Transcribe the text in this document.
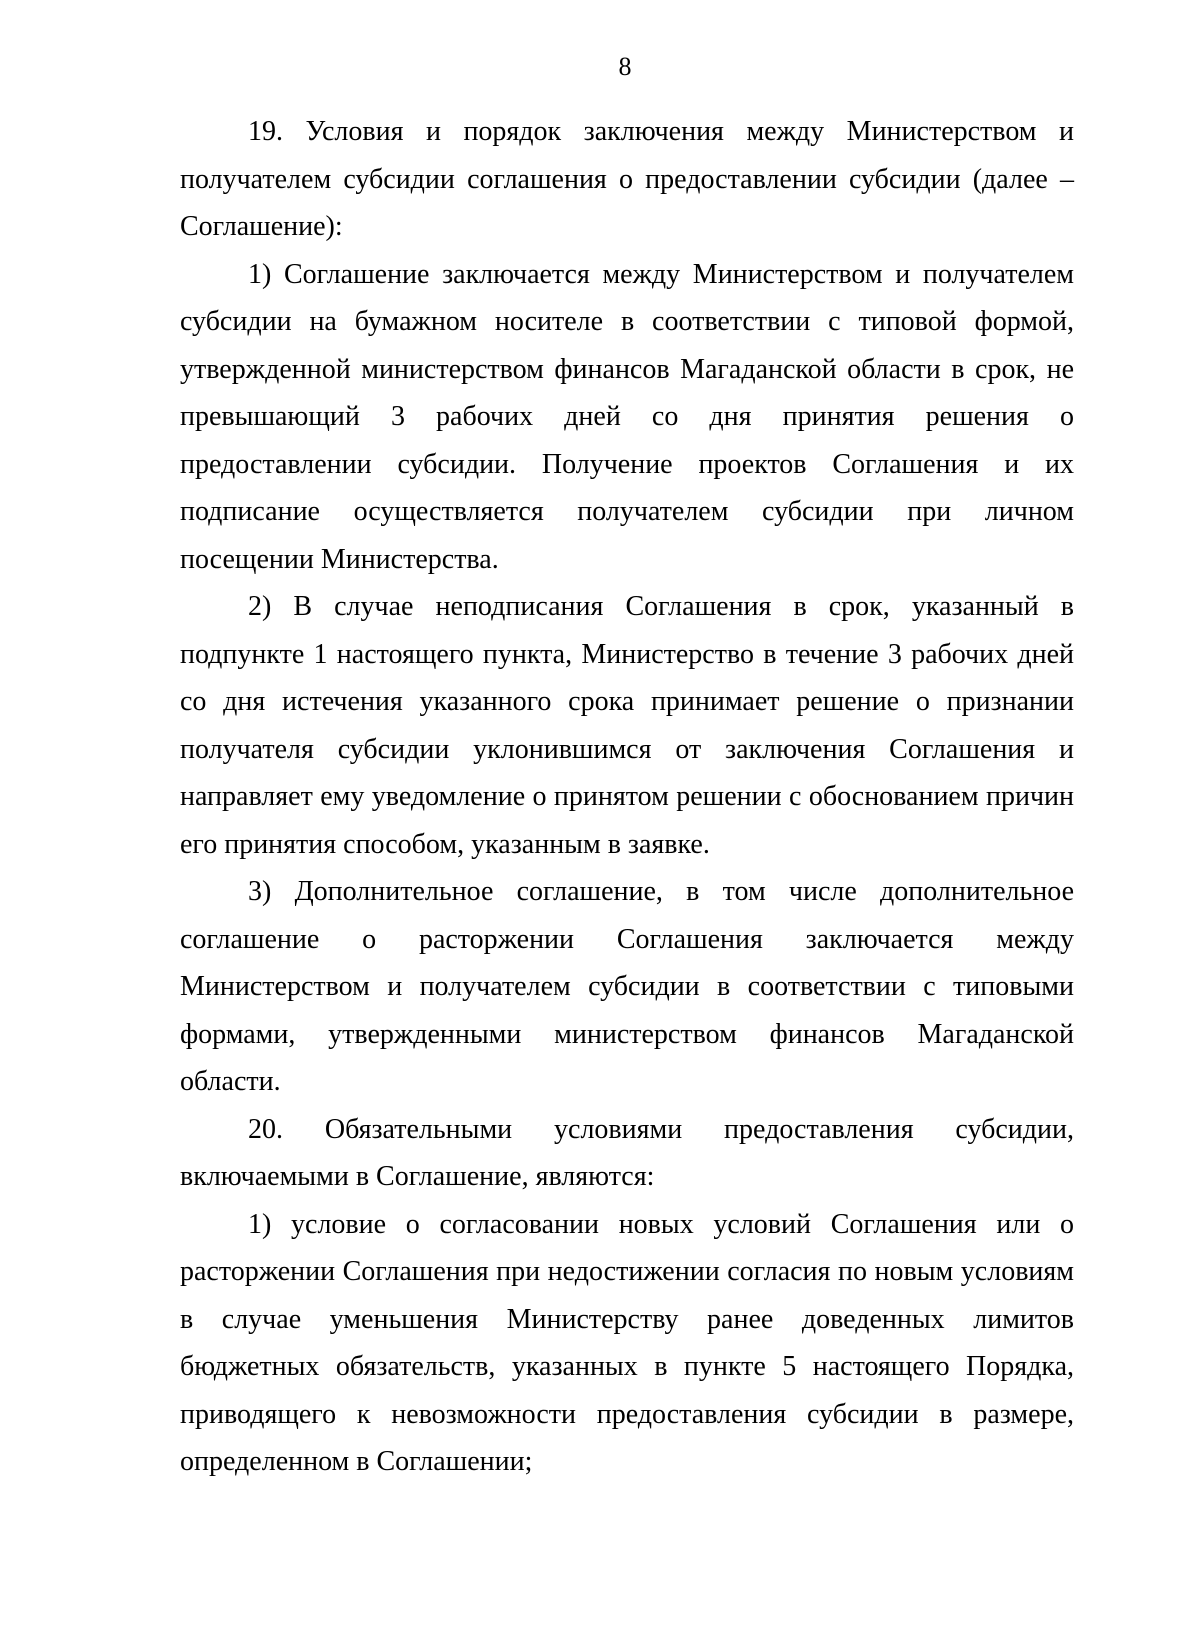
8

19. Условия и порядок заключения между Министерством и получателем субсидии соглашения о предоставлении субсидии (далее – Соглашение):

1) Соглашение заключается между Министерством и получателем субсидии на бумажном носителе в соответствии с типовой формой, утвержденной министерством финансов Магаданской области в срок, не превышающий 3 рабочих дней со дня принятия решения о предоставлении субсидии. Получение проектов Соглашения и их подписание осуществляется получателем субсидии при личном посещении Министерства.

2) В случае неподписания Соглашения в срок, указанный в подпункте 1 настоящего пункта, Министерство в течение 3 рабочих дней со дня истечения указанного срока принимает решение о признании получателя субсидии уклонившимся от заключения Соглашения и направляет ему уведомление о принятом решении с обоснованием причин его принятия способом, указанным в заявке.

3) Дополнительное соглашение, в том числе дополнительное соглашение о расторжении Соглашения заключается между Министерством и получателем субсидии в соответствии с типовыми формами, утвержденными министерством финансов Магаданской области.

20. Обязательными условиями предоставления субсидии, включаемыми в Соглашение, являются:

1) условие о согласовании новых условий Соглашения или о расторжении Соглашения при недостижении согласия по новым условиям в случае уменьшения Министерству ранее доведенных лимитов бюджетных обязательств, указанных в пункте 5 настоящего Порядка, приводящего к невозможности предоставления субсидии в размере, определенном в Соглашении;
